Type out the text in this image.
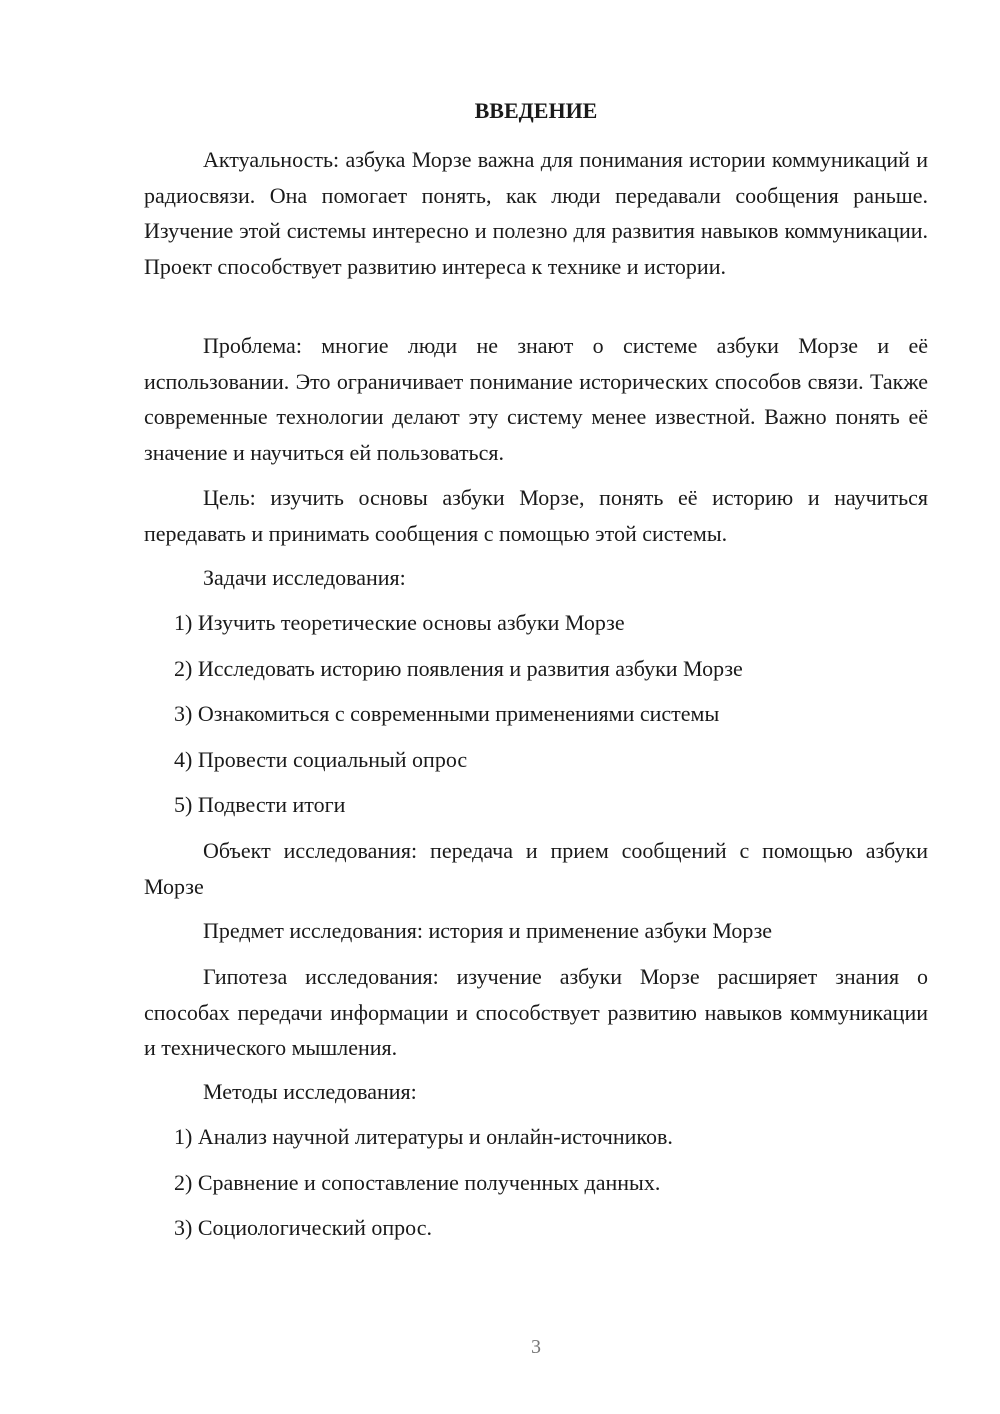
ВВЕДЕНИЕ

Актуальность: азбука Морзе важна для понимания истории коммуникаций и радиосвязи. Она помогает понять, как люди передавали сообщения раньше. Изучение этой системы интересно и полезно для развития навыков коммуникации. Проект способствует развитию интереса к технике и истории.

Проблема: многие люди не знают о системе азбуки Морзе и её использовании. Это ограничивает понимание исторических способов связи. Также современные технологии делают эту систему менее известной. Важно понять её значение и научиться ей пользоваться.

Цель: изучить основы азбуки Морзе, понять её историю и научиться передавать и принимать сообщения с помощью этой системы.

Задачи исследования:

1) Изучить теоретические основы азбуки Морзе

2) Исследовать историю появления и развития азбуки Морзе

3) Ознакомиться с современными применениями системы

4) Провести социальный опрос

5) Подвести итоги

Объект исследования: передача и прием сообщений с помощью азбуки Морзе

Предмет исследования: история и применение азбуки Морзе

Гипотеза исследования: изучение азбуки Морзе расширяет знания о способах передачи информации и способствует развитию навыков коммуникации и технического мышления.

Методы исследования:

1) Анализ научной литературы и онлайн-источников.

2) Сравнение и сопоставление полученных данных.

3) Социологический опрос.

3
